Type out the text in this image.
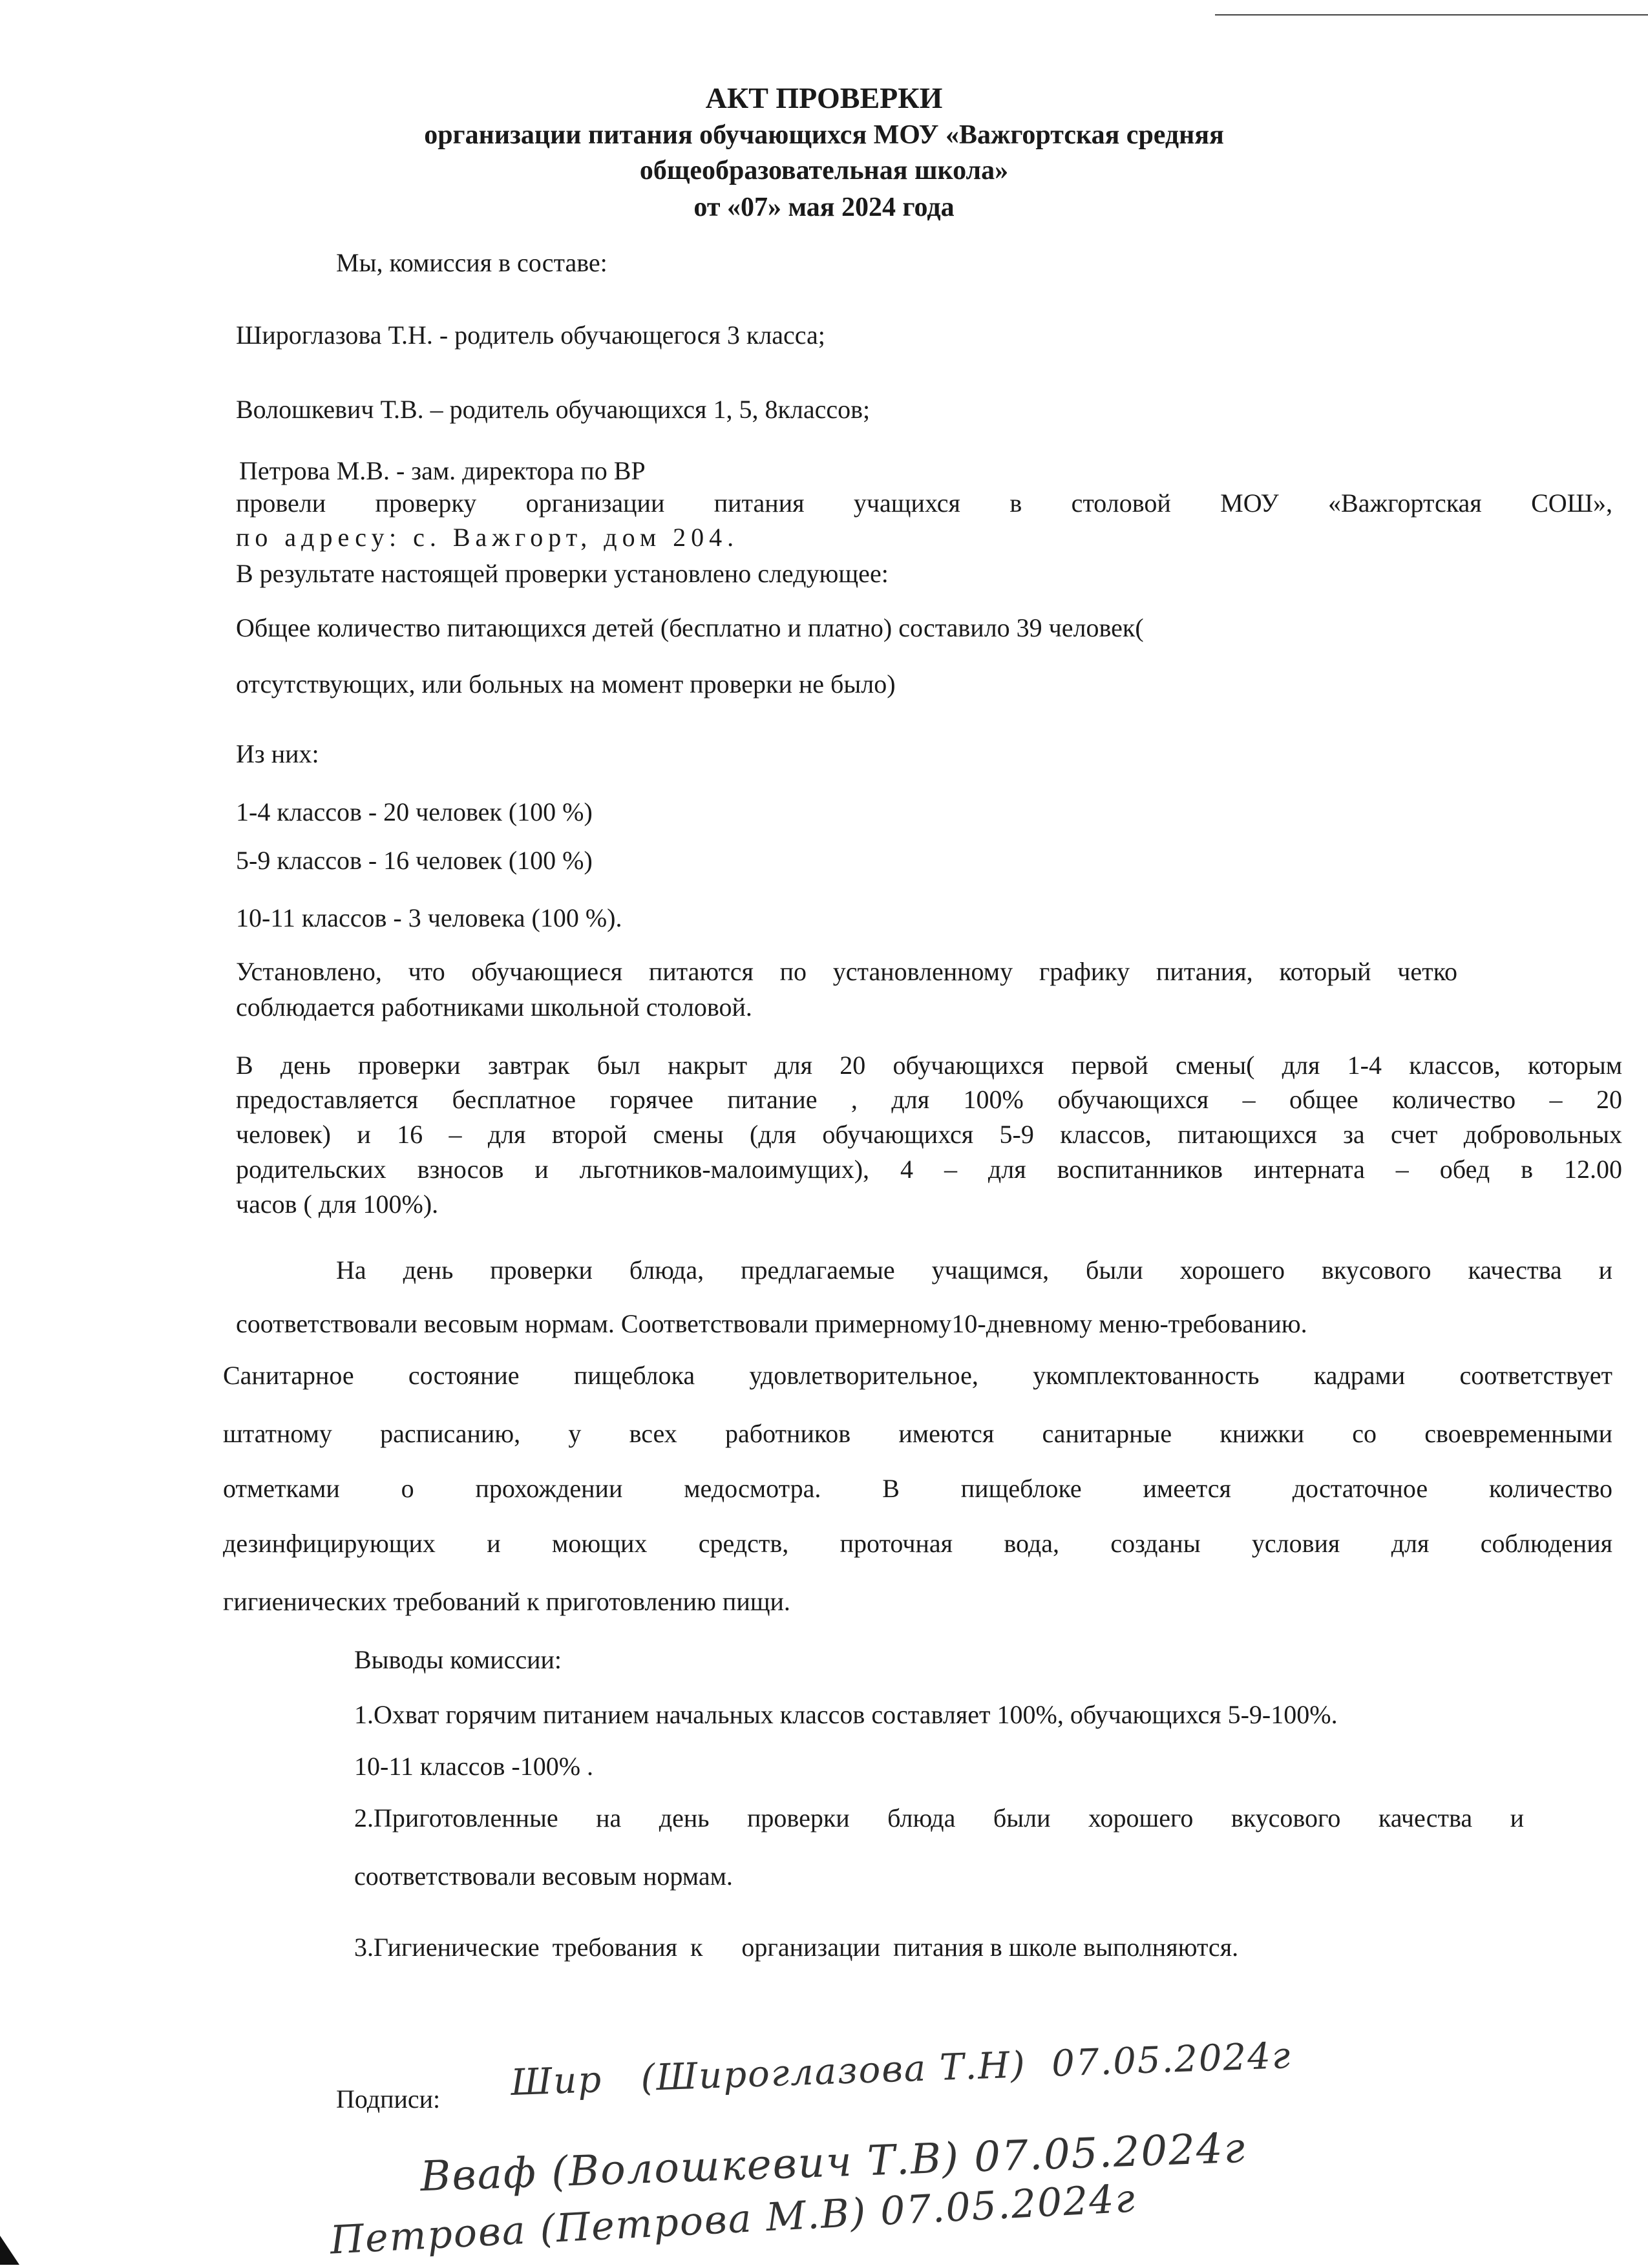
АКТ ПРОВЕРКИ
организации питания обучающихся МОУ «Важгортская средняя
общеобразовательная школа»
от «07» мая 2024 года
Мы, комиссия в составе:
Широглазова Т.Н. - родитель обучающегося 3 класса;
Волошкевич Т.В. – родитель обучающихся 1, 5, 8классов;
Петрова М.В. - зам. директора по ВР
провели проверку организации питания учащихся в столовой МОУ «Важгортская СОШ»,
по адресу: с. Важгорт, дом 204.
В результате настоящей проверки установлено следующее:
Общее количество питающихся детей (бесплатно и платно) составило 39 человек(
отсутствующих, или больных на момент проверки не было)
Из них:
1-4 классов - 20 человек (100 %)
5-9 классов - 16 человек (100 %)
10-11 классов - 3 человека (100 %).
Установлено, что обучающиеся питаются по установленному графику питания, который четко
соблюдается работниками школьной столовой.
В день проверки завтрак был накрыт для 20 обучающихся первой смены( для 1-4 классов, которым
предоставляется бесплатное горячее питание , для 100% обучающихся – общее количество – 20
человек) и 16 – для второй смены (для обучающихся 5-9 классов, питающихся за счет добровольных
родительских взносов и льготников-малоимущих), 4 – для воспитанников интерната – обед в 12.00
часов ( для 100%).
На день проверки блюда, предлагаемые учащимся, были хорошего вкусового качества и
соответствовали весовым нормам. Соответствовали примерному10-дневному меню-требованию.
Санитарное состояние пищеблока удовлетворительное, укомплектованность кадрами соответствует
штатному расписанию, у всех работников имеются санитарные книжки со своевременными
отметками о прохождении медосмотра. В пищеблоке имеется достаточное количество
дезинфицирующих и моющих средств, проточная вода, созданы условия для соблюдения
гигиенических требований к приготовлению пищи.
Выводы комиссии:
1.Охват горячим питанием начальных классов составляет 100%, обучающихся 5-9-100%.
10-11 классов -100% .
2.Приготовленные на день проверки блюда были хорошего вкусового качества и
соответствовали весовым нормам.
3.Гигиенические  требования  к      организации  питания в школе выполняются.
Подписи: Шир   (Широглазова Т.Н)  07.05.2024г
Вваф (Волошкевич Т.В) 07.05.2024г
Петрова (Петрова М.В) 07.05.2024г
